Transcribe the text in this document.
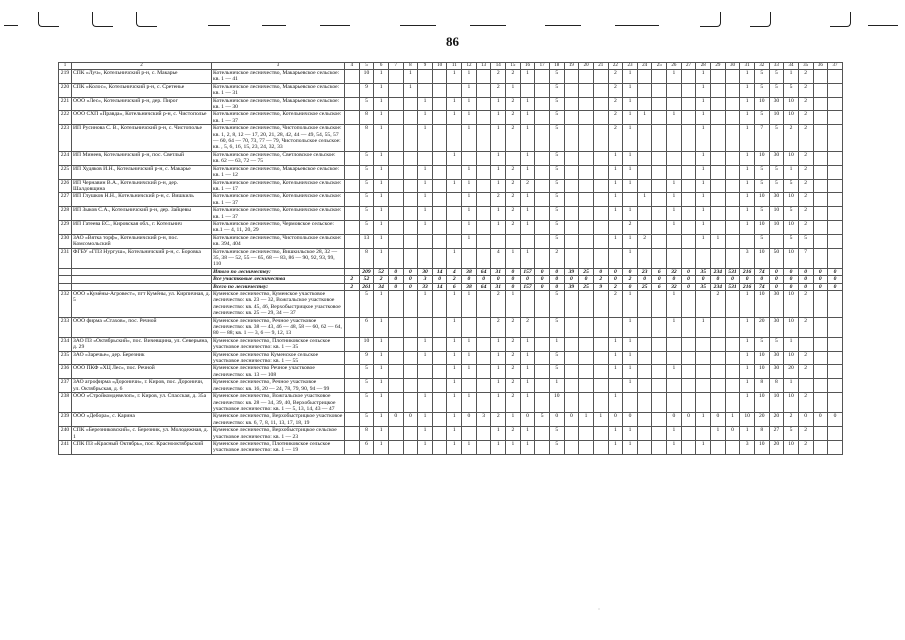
86
1	2	3	4	5	6	7	8	9	10	11	12	13	14	15	16	17	18	19	20	21	22	23	24	25	26	27	28	29	30	31	32	33	34	35	36	37
219	СПК «Луч», Котельничский р-н, с. Макарье	Котельничское лесничество, Макарьевское сельское: кв. 1 — 41		10	1		1			1	1		2	2	1		5				2	1			1		1			1	5	5	1	2		
220	СПК «Колос», Котельничский р-н, с. Сретенье	Котельничское лесничество, Макарьевское сельское: кв. 1 — 31		9	1		1				1		2	1			5				2	1					1			1	5	5	5	2		
221	ООО «Лес», Котельничский р-н, дер. Пирог	Котельничское лесничество, Макарьевское сельское: кв. 1 — 30		5	1			1		1	1		1	2	1		5				2	1					1			1	10	30	10	2		
222	ООО СХП «Правда», Котельничский р-н, с. Чистополье	Котельничское лесничество, Котельничское сельское: кв. 1 — 37		8	1			1		1	1		1	2	1		5				2	1	1		1		1			1	5	10	10	2		
223	ИП Русинова С. В., Котельничский р-н, с. Чистополье	Котельничское лесничество, Чистопольское сельское: кв. 1, 2, 8, 12 — 17, 20, 21, 28, 42, 44 — 49, 54, 55, 57 — 60, 64 — 70, 73, 77 — 79, Чистопольское сельское: кв. , 5, 6, 16, 15, 23, 24, 32, 33		8	1			1			1		1	2	1		5				2	1					1			1	7	5	2	2		
224	ИП Минеев, Котельничский р-н, пос. Светлый	Котельничское лесничество, Светловское сельское: кв. 62 — 63, 72 — 75		5	1					1			1		1		5				1	1					1			1	10	30	10	2		
225	ИП Худяков И.Н., Котельничский р-н, с. Макарье	Котельничское лесничество, Макарьевское сельское: кв. 1 — 12		5	1			1			1		1	2	1		5				1	1					1			1	5	5	1	2		
226	ИП Чернавин В.А., Котельничский р-н, дер. Шалдовщина	Котельничское лесничество, Котельничское сельское: кв. 1 — 17		5	1			1		1	1		1	2	2		5				1	1			1		1			1	5	5	5	2		
227	ИП Глушков Н.Н., Котельничский р-н, с. Вишкиль	Котельничское лесничество, Котельничское сельское: кв. 1 — 37		5	1			1			1		2	2	1		5				1		1		1		1			1	10	30	10	2		
228	ИП Зыков С.А., Котельничский р-н, дер. Зайцевы	Котельничское лесничество, Котельничское сельское: кв. 1 — 37		5	1			1			1		1	2	1		5				1	1			1		1			1	5	10	5	2		
229	ИП Гатеева ЕС., Кировская обл., г. Котельнич	Котельничское лесничество, Чермовское сельское: кв.1 — 4, 11, 20, 29		5	1			1			1		1	2	1		5					2			1		1			1	10	10	10	2		
230	ЗАО «Вятка торф», Котельничский р-н, пос. Комсомольский	Котельничское лесничество, Чистопольское сельское: кв. 394, 404		13	1						1						5				1	1	2				1	1			5		5	5		
231	ФГБУ «ГПЗ Нургуш», Котельничский р-н, с. Боровка	Котельничское лесничество, Вишкильское 28, 32 — 35, 38 — 52, 55 — 65, 68 — 83, 86 — 90, 92, 93, 99, 110		8	1					1			4	1	1		2					1								3	10	50	10	7		
		Итого по лесничеству:		209	52	0	0	30	14	4	38	64	31	0	157	0	0	39	25	0	0	0	23	6	32	0	35	234	531	216	74	0	0	0	0	0
		Все участковые лесничества	2	52	2	0	0	3	0	2	0	0	0	0	0	0	0	0	0	2	0	2	0	0	0	0	0	0	0	0	0	0	0	0	0	0
		Всего по лесничеству:	2	261	34	0	0	33	14	6	38	64	31	0	157	0	0	39	25	9	2	0	25	6	32	0	35	234	531	216	74	0	0	0	0	0
232	ООО «Кумёны-Агровест», пгт Кумёны, ул. Кирпичная, д. 5	Куменское лесничество, Куменское участковое лесничество: кв. 23 — 32, Вожгальское участковое лесничество: кв. 45, 46, Верхобыстрицкое участковое лесничество: кв. 25 — 29, 34 — 37		5	1			1		1	1		2	1			5				2	1			1			2		1	10	30	10	2		
233	ООО фирма «Стахов», пос. Речной	Куменское лесничество, Речное участковое лесничество: кв. 38 — 43, 46 — 48, 58 — 60, 62 — 64, 80 — 88; кв. 1 — 3, 6 — 9, 12, 13		6	1					1			2	2	2		5					1			1		1			1	20	30	10	2		
234	ЗАО ПЗ «Октябрьский», пос. Вичевщина, ул. Северьяна, д. 29	Куменское лесничество, Плотниковское сельское участковое лесничество: кв. 1 — 35		10	1			1		1	1		1	2	1		1				1	1								1	5	5	1			
235	ЗАО «Заречье», дер. Березник	Куменское лесничество Куменское сельское участковое лесничество: кв. 1 — 55		9	1			1		1	1		1	2	1		5				1	1								1	10	30	10	2		
236	ООО ПКФ «ХЦ Лес», пос. Речной	Куменское лесничество Речное участковое лесничество: кв. 13 — 108		5	1					1	1		1	2	1		5				1	1			1					1	10	30	20	2		
237	ЗАО агрофирма «Дороничи», г. Киров, пос. Дороничи, ул. Октябрьская, д. 6	Куменское лесничество, Речное участковое лесничество: кв. 16, 20 — 24, 78, 79, 90, 94 — 99		5	1					1			1	2	1		1					1								1	8	8	1			
238	ООО «Стройкомдевелоп», г. Киров, ул. Спасская, д. 35а	Куменское лесничество, Вожгальское участковое лесничество: кв. 28 — 34, 39, 40, Верхобыстрицкое участковое лесничество: кв. 1 — 5, 13, 14, 43 — 47		5	1			1		1	1		1	2	1		10				1									1	10	10	10	2		
239	ООО «Дебора», с. Карина	Куменское лесничество, Верхобыстрицкое участковое лесничество: кв. 6, 7, 8, 11, 13, 17, 18, 19		5	1	0	0	1		1	0	3	2	1	0	5	0	0	1	1	0	0			0	0	1	0	1	10	20	20	2	0	0	0
240	СПК «Березниковский», с. Березник, ул. Молодежная, д. 1	Куменское лесничество, Верхобыстрицкое сельское участковое лесничество: кв. 1 — 23		8	1			1		1			1	2	1		5				1	1			1			1	0	1	8	27	5	2		
241	СПК ПЗ «Красный Октябрь», пос. Краснооктябрьский	Куменское лесничество, Плотниковское сельское участковое лесничество: кв. 1 — 19		6	1			1		1	1		1	1	1		5				1	1			1		1			3	10	20	10	2		
ˌ
